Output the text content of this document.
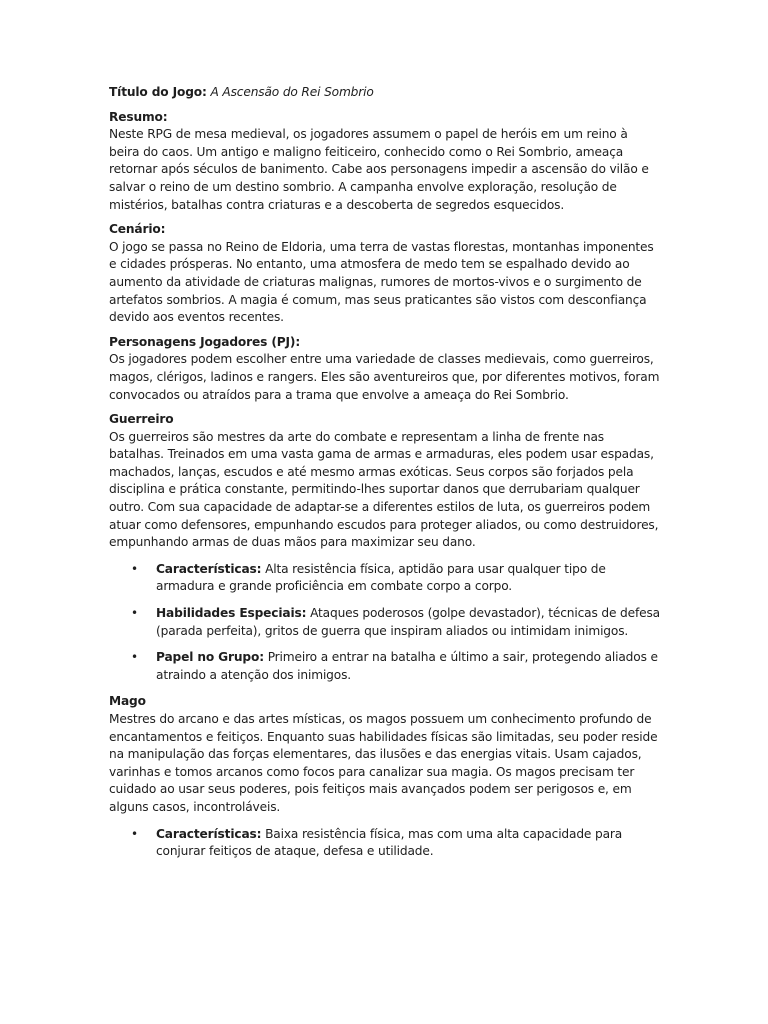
Título do Jogo: A Ascensão do Rei Sombrio

Resumo:

Neste RPG de mesa medieval, os jogadores assumem o papel de heróis em um reino à beira do caos. Um antigo e maligno feiticeiro, conhecido como o Rei Sombrio, ameaça retornar após séculos de banimento. Cabe aos personagens impedir a ascensão do vilão e salvar o reino de um destino sombrio. A campanha envolve exploração, resolução de mistérios, batalhas contra criaturas e a descoberta de segredos esquecidos.

Cenário:

O jogo se passa no Reino de Eldoria, uma terra de vastas florestas, montanhas imponentes e cidades prósperas. No entanto, uma atmosfera de medo tem se espalhado devido ao aumento da atividade de criaturas malignas, rumores de mortos-vivos e o surgimento de artefatos sombrios. A magia é comum, mas seus praticantes são vistos com desconfiança devido aos eventos recentes.

Personagens Jogadores (PJ):

Os jogadores podem escolher entre uma variedade de classes medievais, como guerreiros, magos, clérigos, ladinos e rangers. Eles são aventureiros que, por diferentes motivos, foram convocados ou atraídos para a trama que envolve a ameaça do Rei Sombrio.

Guerreiro

Os guerreiros são mestres da arte do combate e representam a linha de frente nas batalhas. Treinados em uma vasta gama de armas e armaduras, eles podem usar espadas, machados, lanças, escudos e até mesmo armas exóticas. Seus corpos são forjados pela disciplina e prática constante, permitindo-lhes suportar danos que derrubariam qualquer outro. Com sua capacidade de adaptar-se a diferentes estilos de luta, os guerreiros podem atuar como defensores, empunhando escudos para proteger aliados, ou como destruidores, empunhando armas de duas mãos para maximizar seu dano.

• Características: Alta resistência física, aptidão para usar qualquer tipo de armadura e grande proficiência em combate corpo a corpo.
• Habilidades Especiais: Ataques poderosos (golpe devastador), técnicas de defesa (parada perfeita), gritos de guerra que inspiram aliados ou intimidam inimigos.
• Papel no Grupo: Primeiro a entrar na batalha e último a sair, protegendo aliados e atraindo a atenção dos inimigos.
Mago

Mestres do arcano e das artes místicas, os magos possuem um conhecimento profundo de encantamentos e feitiços. Enquanto suas habilidades físicas são limitadas, seu poder reside na manipulação das forças elementares, das ilusões e das energias vitais. Usam cajados, varinhas e tomos arcanos como focos para canalizar sua magia. Os magos precisam ter cuidado ao usar seus poderes, pois feitiços mais avançados podem ser perigosos e, em alguns casos, incontroláveis.

• Características: Baixa resistência física, mas com uma alta capacidade para conjurar feitiços de ataque, defesa e utilidade.
